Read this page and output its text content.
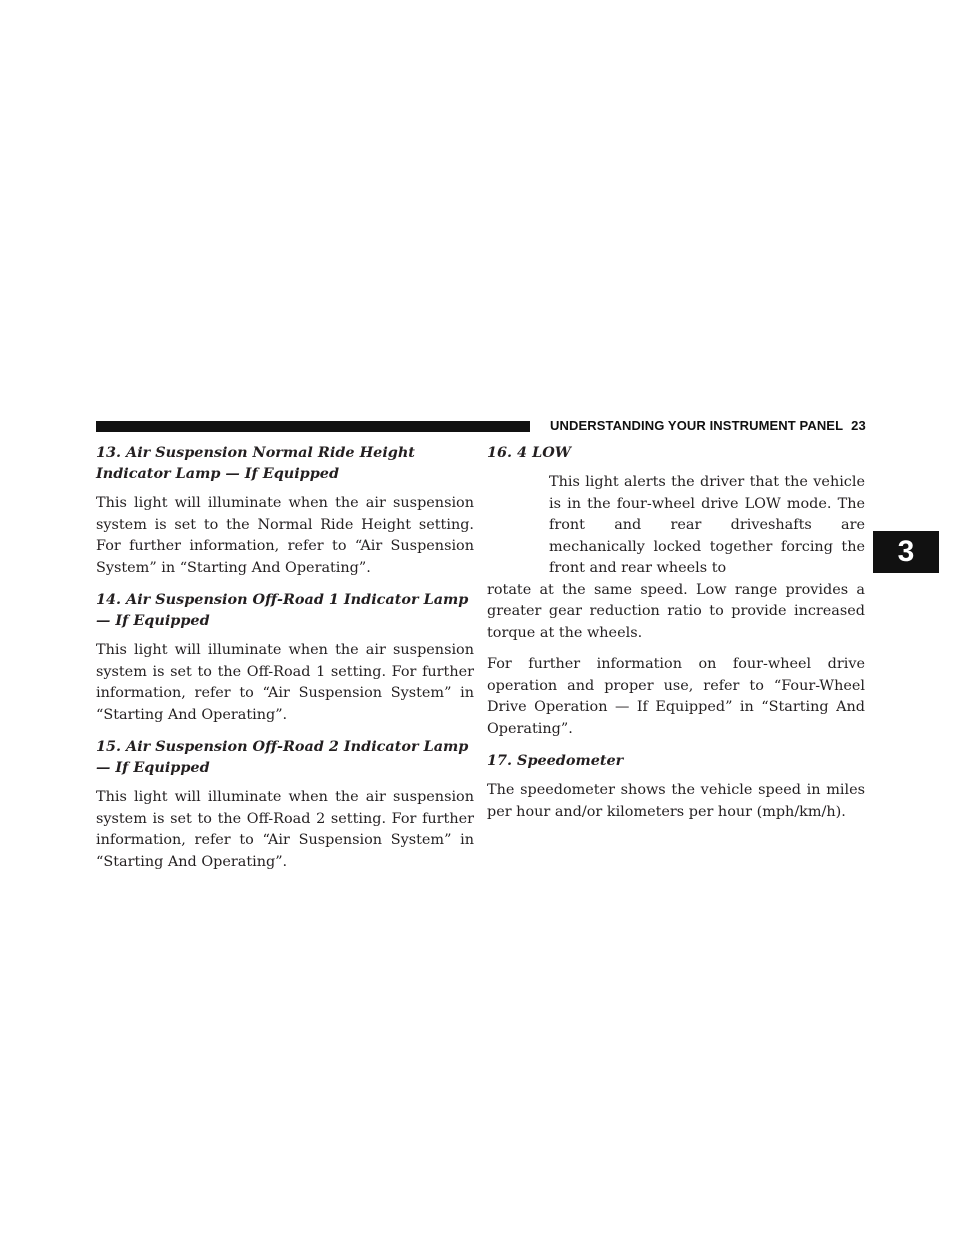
UNDERSTANDING YOUR INSTRUMENT PANEL 23
3
13. Air Suspension Normal Ride Height Indicator Lamp — If Equipped

This light will illuminate when the air suspension system is set to the Normal Ride Height setting. For further information, refer to “Air Suspension System” in “Starting And Operating”.

14. Air Suspension Off-Road 1 Indicator Lamp — If Equipped

This light will illuminate when the air suspension system is set to the Off-Road 1 setting. For further information, refer to “Air Suspension System” in “Starting And Operating”.

15. Air Suspension Off-Road 2 Indicator Lamp — If Equipped

This light will illuminate when the air suspension system is set to the Off-Road 2 setting. For further information, refer to “Air Suspension System” in “Starting And Operating”.

16. 4 LOW

This light alerts the driver that the vehicle is in the four-wheel drive LOW mode. The front and rear driveshafts are mechanically locked together forcing the front and rear wheels to

rotate at the same speed. Low range provides a greater gear reduction ratio to provide increased torque at the wheels.

For further information on four-wheel drive operation and proper use, refer to “Four-Wheel Drive Operation — If Equipped” in “Starting And Operating”.

17. Speedometer

The speedometer shows the vehicle speed in miles per hour and/or kilometers per hour (mph/km/h).
